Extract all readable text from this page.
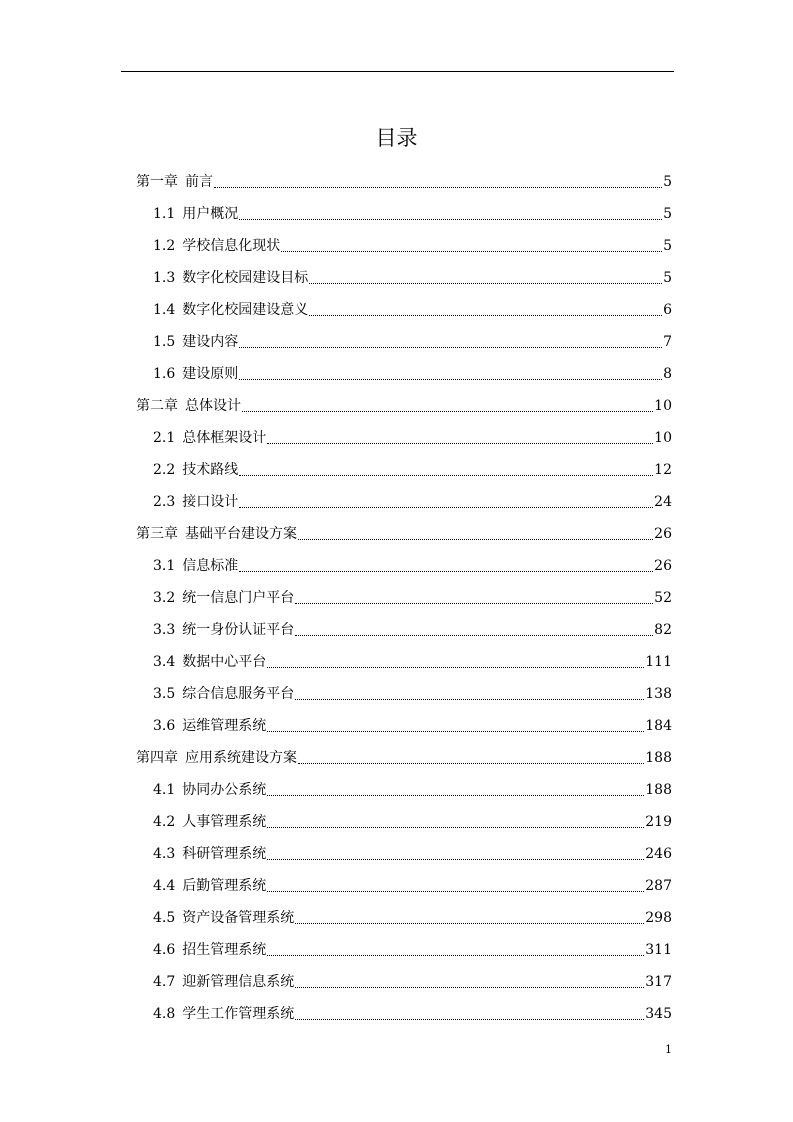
目录
第一章 前言	5
1.1 用户概况	5
1.2 学校信息化现状	5
1.3 数字化校园建设目标	5
1.4 数字化校园建设意义	6
1.5 建设内容	7
1.6 建设原则	8
第二章 总体设计	10
2.1 总体框架设计	10
2.2 技术路线	12
2.3 接口设计	24
第三章 基础平台建设方案	26
3.1 信息标准	26
3.2 统一信息门户平台	52
3.3 统一身份认证平台	82
3.4 数据中心平台	111
3.5 综合信息服务平台	138
3.6 运维管理系统	184
第四章 应用系统建设方案	188
4.1 协同办公系统	188
4.2 人事管理系统	219
4.3 科研管理系统	246
4.4 后勤管理系统	287
4.5 资产设备管理系统	298
4.6 招生管理系统	311
4.7 迎新管理信息系统	317
4.8 学生工作管理系统	345
1
